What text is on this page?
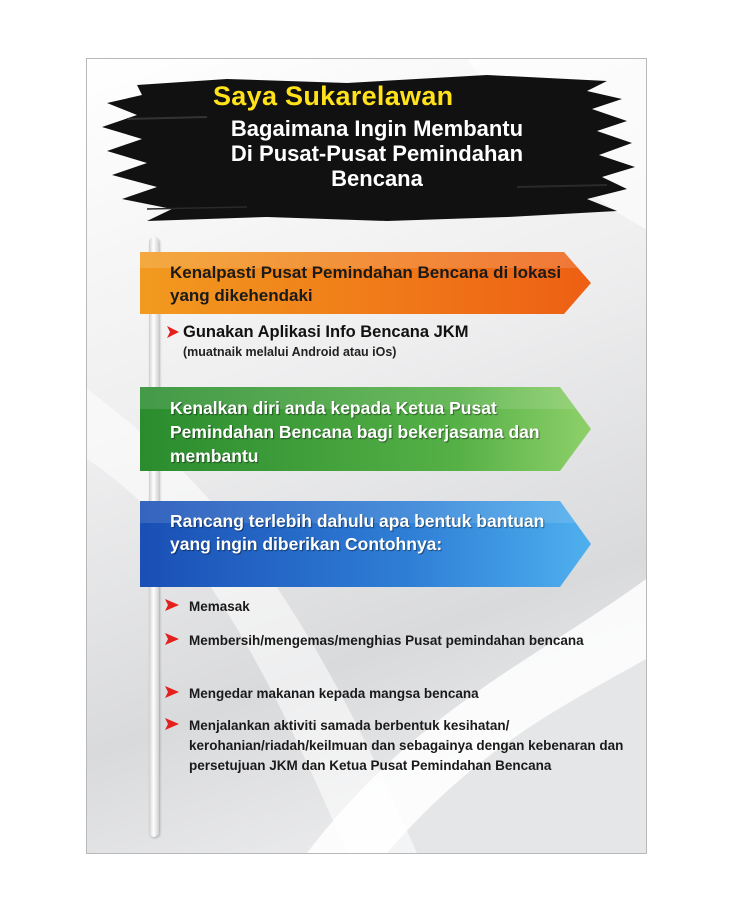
Saya Sukarelawan
Bagaimana Ingin Membantu
Di Pusat-Pusat Pemindahan
Bencana
Kenalpasti Pusat Pemindahan Bencana di lokasi yang dikehendaki
Gunakan Aplikasi Info Bencana JKM
(muatnaik melalui Android atau iOs)
Kenalkan diri anda kepada Ketua Pusat Pemindahan Bencana bagi bekerjasama dan membantu
Rancang terlebih dahulu apa bentuk bantuan yang ingin diberikan Contohnya:
Memasak
Membersih/mengemas/menghias Pusat pemindahan bencana
Mengedar makanan kepada mangsa bencana
Menjalankan aktiviti samada berbentuk kesihatan/ kerohanian/riadah/keilmuan dan sebagainya dengan kebenaran dan persetujuan JKM dan Ketua Pusat Pemindahan Bencana
